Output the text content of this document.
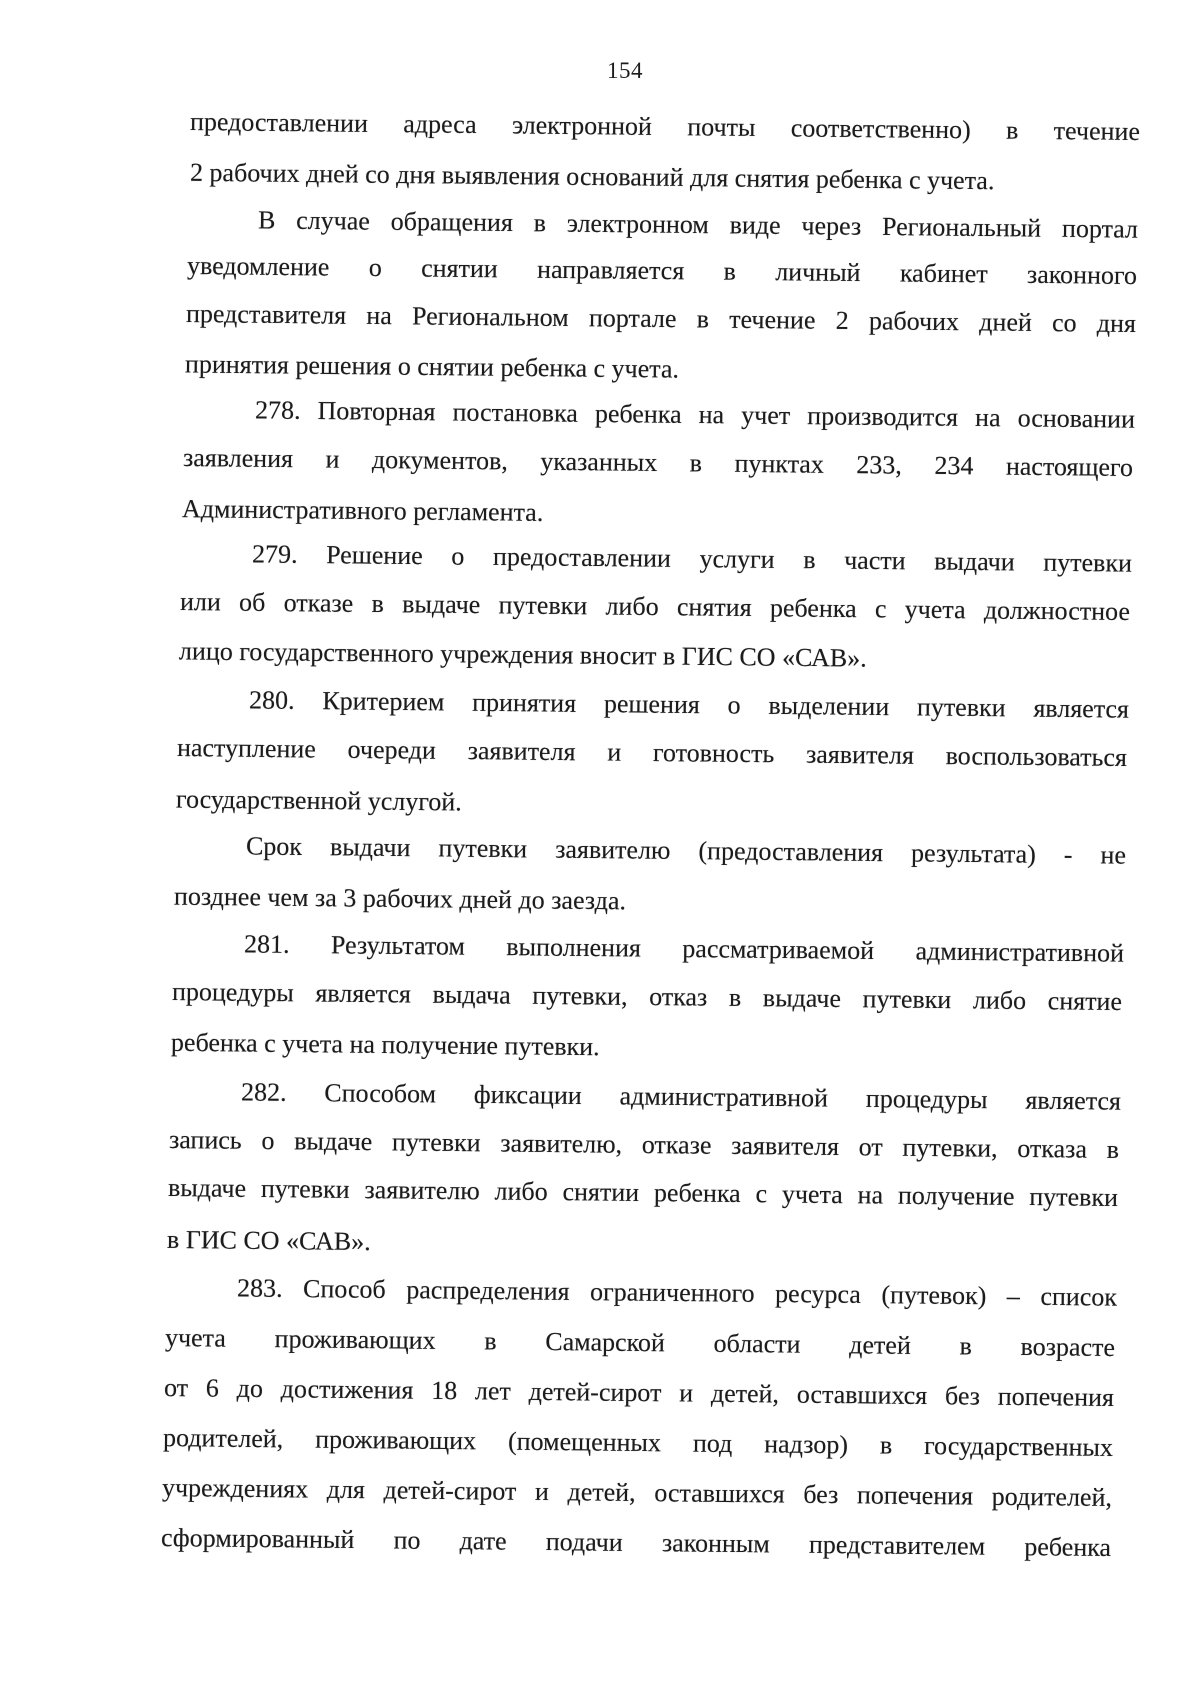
154
предоставлении адреса электронной почты соответственно) в течение
2 рабочих дней со дня выявления оснований для снятия ребенка с учета.
В случае обращения в электронном виде через Региональный портал
уведомление о снятии направляется в личный кабинет законного
представителя на Региональном портале в течение 2 рабочих дней со дня
принятия решения о снятии ребенка с учета.
278. Повторная постановка ребенка на учет производится на основании
заявления и документов, указанных в пунктах 233, 234 настоящего
Административного регламента.
279. Решение о предоставлении услуги в части выдачи путевки
или об отказе в выдаче путевки либо снятия ребенка с учета должностное
лицо государственного учреждения вносит в ГИС СО «САВ».
280. Критерием принятия решения о выделении путевки является
наступление очереди заявителя и готовность заявителя воспользоваться
государственной услугой.
Срок выдачи путевки заявителю (предоставления результата) - не
позднее чем за 3 рабочих дней до заезда.
281. Результатом выполнения рассматриваемой административной
процедуры является выдача путевки, отказ в выдаче путевки либо снятие
ребенка с учета на получение путевки.
282. Способом фиксации административной процедуры является
запись о выдаче путевки заявителю, отказе заявителя от путевки, отказа в
выдаче путевки заявителю либо снятии ребенка с учета на получение путевки
в ГИС СО «САВ».
283. Способ распределения ограниченного ресурса (путевок) – список
учета проживающих в Самарской области детей в возрасте
от 6 до достижения 18 лет детей-сирот и детей, оставшихся без попечения
родителей, проживающих (помещенных под надзор) в государственных
учреждениях для детей-сирот и детей, оставшихся без попечения родителей,
сформированный по дате подачи законным представителем ребенка
